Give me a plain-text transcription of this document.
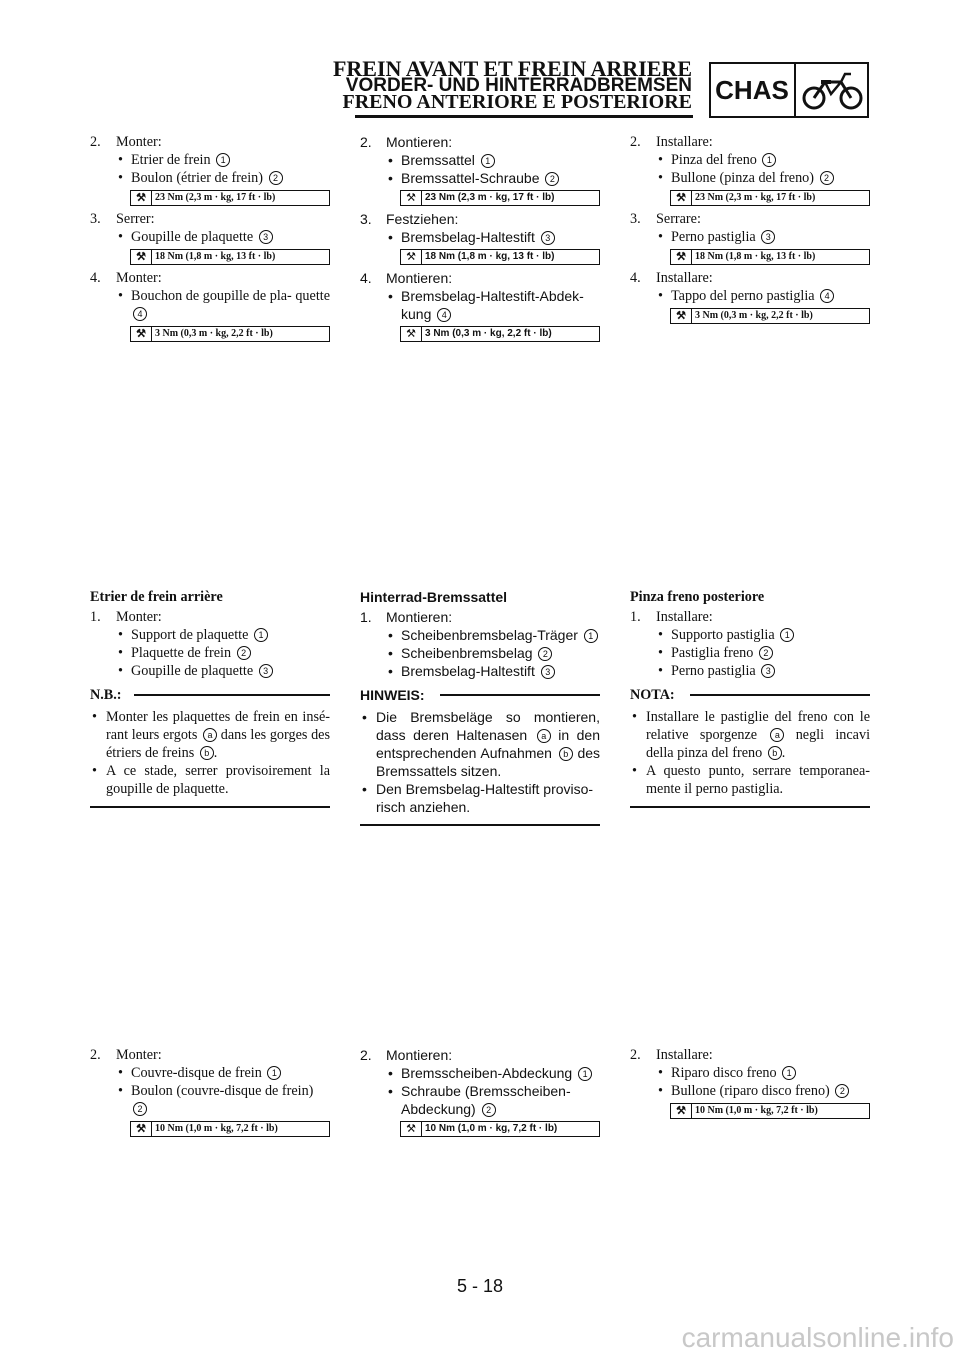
FREIN AVANT ET FREIN ARRIERE
VORDER- UND HINTERRADBREMSEN
FRENO ANTERIORE E POSTERIORE CHAS
2. Monter:
• Etrier de frein 1
• Boulon (étrier de frein) 2
⚒ 23 Nm (2,3 m · kg, 17 ft · lb)
3. Serrer:
• Goupille de plaquette 3
⚒ 18 Nm (1,8 m · kg, 13 ft · lb)
4. Monter:
• Bouchon de goupille de pla- quette 4
⚒ 3 Nm (0,3 m · kg, 2,2 ft · lb)
2. Montieren:
• Bremssattel 1
• Bremssattel-Schraube 2
⚒ 23 Nm (2,3 m · kg, 17 ft · lb)
3. Festziehen:
• Bremsbelag-Haltestift 3
⚒ 18 Nm (1,8 m · kg, 13 ft · lb)
4. Montieren:
• Bremsbelag-Haltestift-Abdek- kung 4
⚒ 3 Nm (0,3 m · kg, 2,2 ft · lb)
2. Installare:
• Pinza del freno 1
• Bullone (pinza del freno) 2
⚒ 23 Nm (2,3 m · kg, 17 ft · lb)
3. Serrare:
• Perno pastiglia 3
⚒ 18 Nm (1,8 m · kg, 13 ft · lb)
4. Installare:
• Tappo del perno pastiglia 4
⚒ 3 Nm (0,3 m · kg, 2,2 ft · lb)
Etrier de frein arrière
1. Monter:
• Support de plaquette 1
• Plaquette de frein 2
• Goupille de plaquette 3
N.B.:
• Monter les plaquettes de frein en insé- rant leurs ergots a dans les gorges des étriers de freins b .
• A ce stade, serrer provisoirement la goupille de plaquette.
Hinterrad-Bremssattel
1. Montieren:
• Scheibenbremsbelag-Träger 1
• Scheibenbremsbelag 2
• Bremsbelag-Haltestift 3
HINWEIS:
• Die Bremsbeläge so montieren, dass deren Haltenasen a in den entsprechenden Aufnahmen b des Bremssattels sitzen.
• Den Bremsbelag-Haltestift proviso- risch anziehen.
Pinza freno posteriore
1. Installare:
• Supporto pastiglia 1
• Pastiglia freno 2
• Perno pastiglia 3
NOTA:
• Installare le pastiglie del freno con le relative sporgenze a negli incavi della pinza del freno b .
• A questo punto, serrare temporanea- mente il perno pastiglia.
2. Monter:
• Couvre-disque de frein 1
• Boulon (couvre-disque de frein) 2
⚒ 10 Nm (1,0 m · kg, 7,2 ft · lb)
2. Montieren:
• Bremsscheiben-Abdeckung 1
• Schraube (Bremsscheiben- Abdeckung) 2
⚒ 10 Nm (1,0 m · kg, 7,2 ft · lb)
2. Installare:
• Riparo disco freno 1
• Bullone (riparo disco freno) 2
⚒ 10 Nm (1,0 m · kg, 7,2 ft · lb)
5 - 18
carmanualsonline.info
